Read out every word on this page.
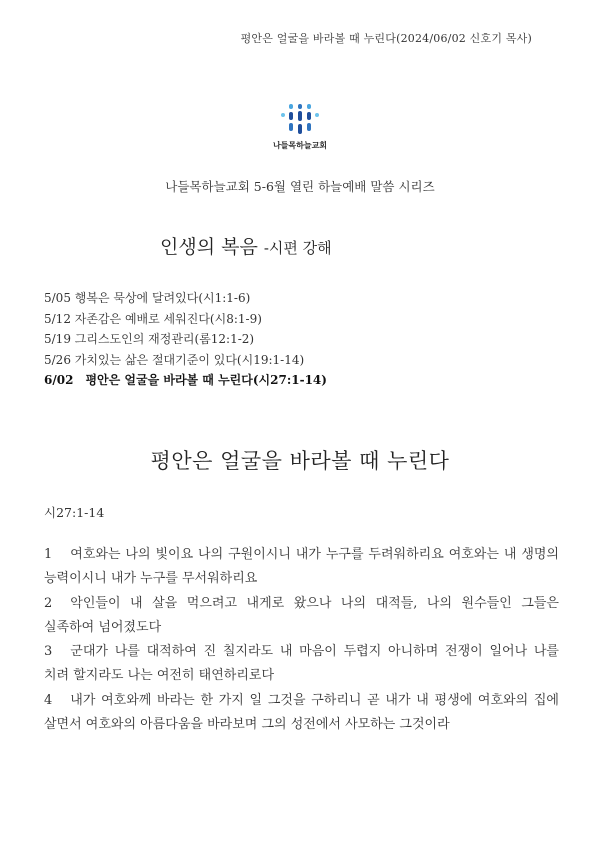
평안은 얼굴을 바라볼 때 누린다(2024/06/02 신호기 목사)
나들목하늘교회
나들목하늘교회 5-6월 열린 하늘예배 말씀 시리즈
인생의 복음 -시편 강해
5/05 행복은 묵상에 달려있다(시1:1-6)
5/12 자존감은 예배로 세워진다(시8:1-9)
5/19 그리스도인의 재정관리(롬12:1-2)
5/26 가치있는 삶은 절대기준이 있다(시19:1-14)
6/02 평안은 얼굴을 바라볼 때 누린다(시27:1-14)
평안은 얼굴을 바라볼 때 누린다
시27:1-14

1 여호와는 나의 빛이요 나의 구원이시니 내가 누구를 두려워하리요 여호와는 내 생명의 능력이시니 내가 누구를 무서워하리요

2 악인들이 내 살을 먹으려고 내게로 왔으나 나의 대적들, 나의 원수들인 그들은 실족하여 넘어졌도다

3 군대가 나를 대적하여 진 칠지라도 내 마음이 두렵지 아니하며 전쟁이 일어나 나를 치려 할지라도 나는 여전히 태연하리로다

4 내가 여호와께 바라는 한 가지 일 그것을 구하리니 곧 내가 내 평생에 여호와의 집에 살면서 여호와의 아름다움을 바라보며 그의 성전에서 사모하는 그것이라
